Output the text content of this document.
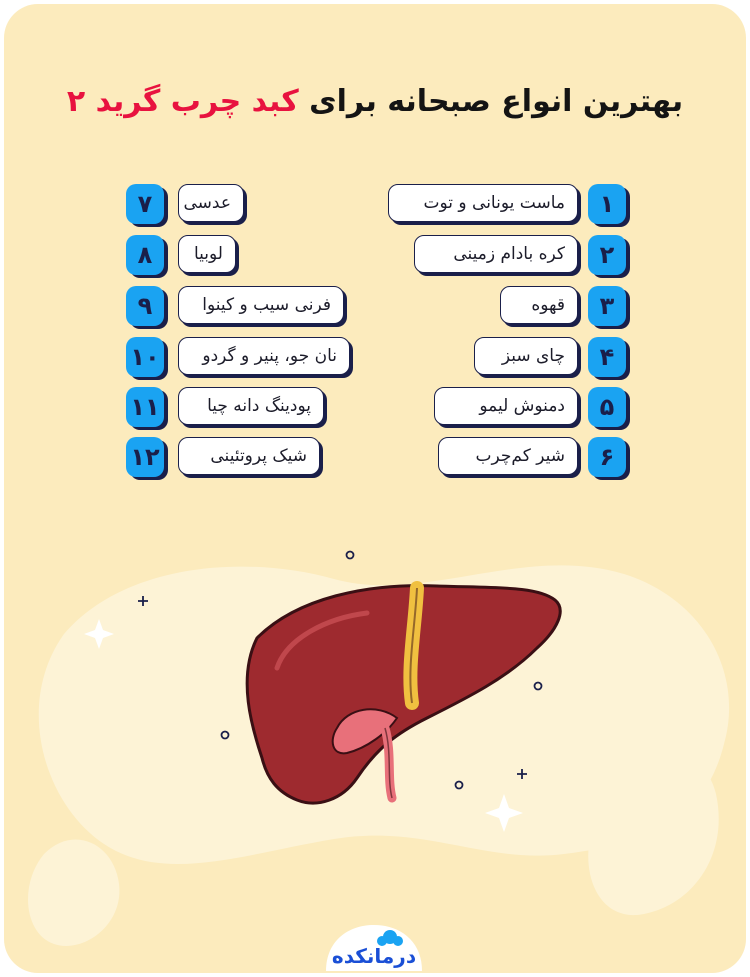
بهترین انواع صبحانه برای کبد چرب گرید ۲
۱
ماست یونانی و توت
۲
کره بادام زمینی
۳
قهوه
۴
چای سبز
۵
دمنوش لیمو
۶
شیر کم‌چرب
۷	عدسی
۸	لوبیا
۹	فرنی سیب و کینوا
۱۰	نان جو، پنیر و گردو
۱۱	پودینگ دانه چیا
۱۲	شیک پروتئینی
درمانکده
